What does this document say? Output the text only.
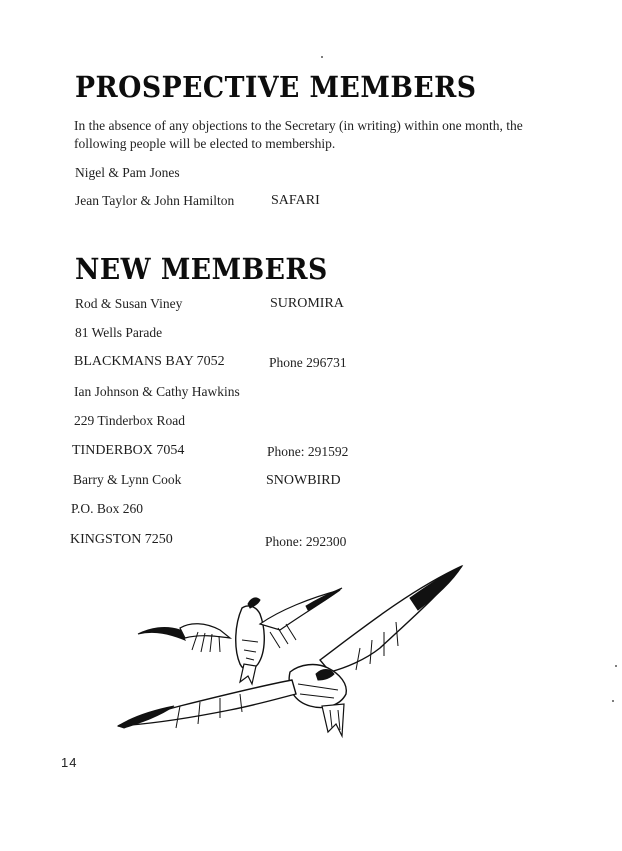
PROSPECTIVE MEMBERS
In the absence of any objections to the Secretary (in writing) within one month, the
following people will be elected to membership.
Nigel & Pam Jones
Jean Taylor & John Hamilton	SAFARI
NEW MEMBERS
Rod & Susan Viney	SUROMIRA
81 Wells Parade
BLACKMANS BAY 7052	Phone 296731
Ian Johnson & Cathy Hawkins
229 Tinderbox Road
TINDERBOX 7054	Phone: 291592
Barry & Lynn Cook	SNOWBIRD
P.O. Box 260
KINGSTON 7250	Phone: 292300
14
